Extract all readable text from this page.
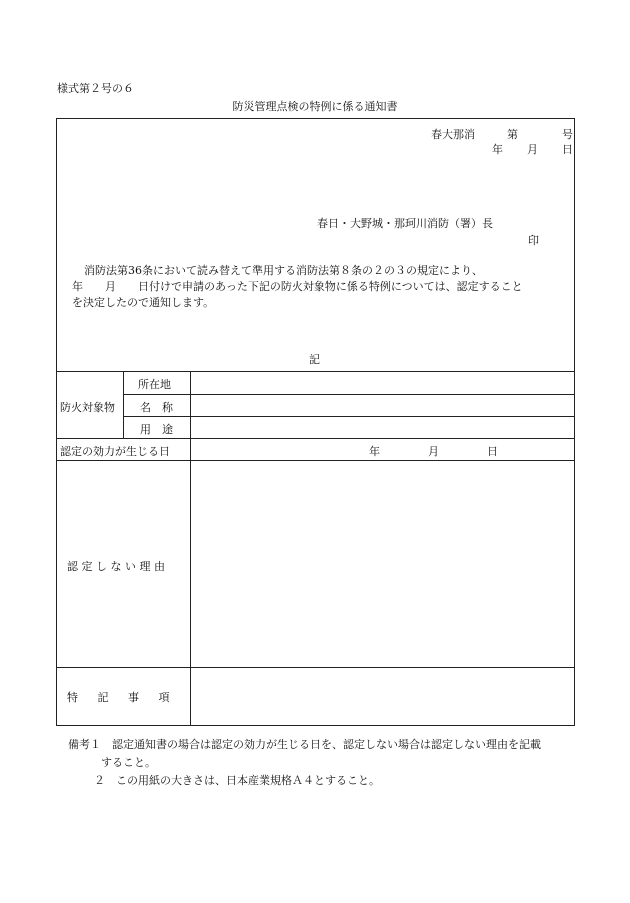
様式第２号の６
防災管理点検の特例に係る通知書
春大那消	第	号
年 月 日
春日・大野城・那珂川消防（署）長
印
消防法第36条において読み替えて準用する消防法第８条の２の３の規定により、
年　　月　　日付けで申請のあった下記の防火対象物に係る特例については、認定すること
を決定したので通知します。
記
防火対象物
所在地
名　称
用　途
認定の効力が生じる日	年	月	日
認 定 し な い 理 由
特 記 事 項
備考１　認定通知書の場合は認定の効力が生じる日を、認定しない場合は認定しない理由を記載
すること。
２　この用紙の大きさは、日本産業規格Ａ４とすること。
